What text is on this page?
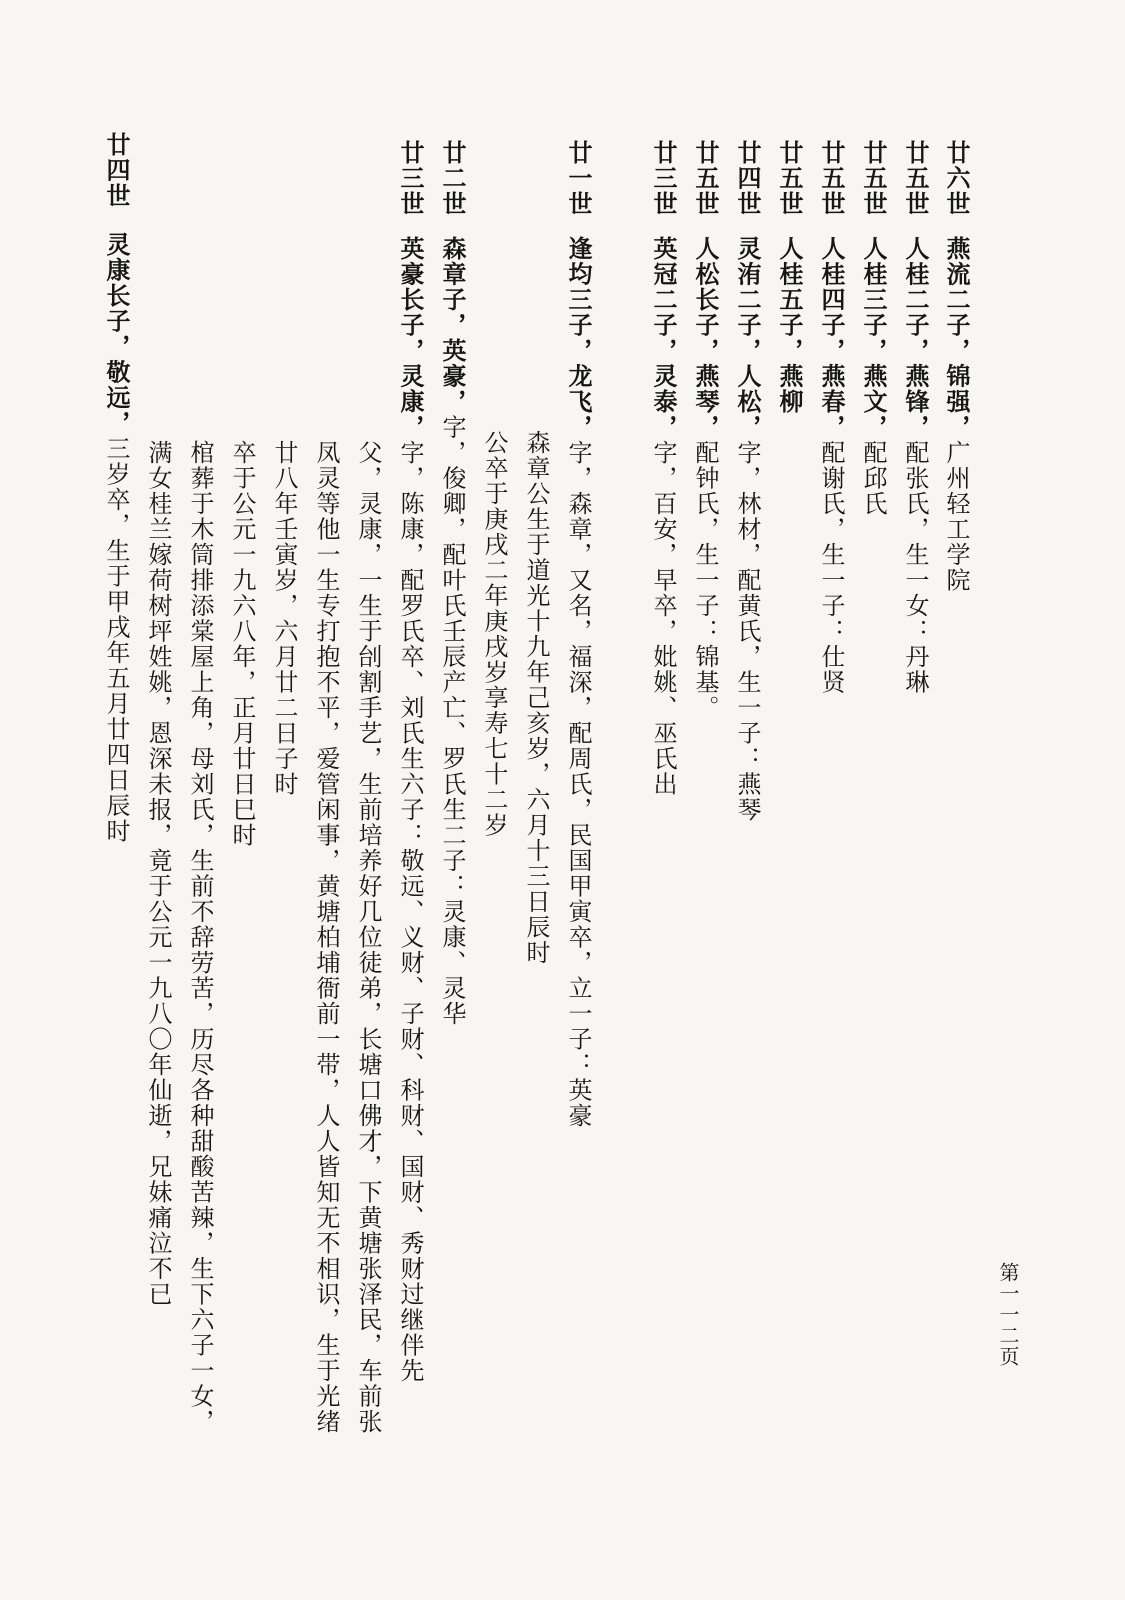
第一一二页
廿六世
燕流二子，锦强，广州轻工学院
廿五世
人桂二子，燕锋，配张氏，生一女：丹琳
廿五世
人桂三子，燕文，配邱氏
廿五世
人桂四子，燕春，配谢氏，生一子：仕贤
廿五世
人桂五子，燕柳
廿四世
灵洧二子，人松，字，林材，配黄氏，生一子：燕琴
廿五世
人松长子，燕琴，配钟氏，生一子：锦基。
廿三世
英冠二子，灵泰，字，百安，早卒，妣姚、巫氏出
廿一世
逢均三子，龙飞，字，森章，又名，福深，配周氏，民国甲寅卒，立一子：英豪
森章公生于道光十九年己亥岁，六月十三日辰时
公卒于庚戌二年庚戌岁享寿七十二岁
廿二世
森章子，英豪，字，俊卿，配叶氏壬辰产亡、罗氏生二子：灵康、灵华
廿三世
英豪长子，灵康，字，陈康，配罗氏卒、刘氏生六子：敬远、义财、子财、科财、国财、秀财过继伴先
父，灵康，一生于刣割手艺，生前培养好几位徒弟，长塘口佛才，下黄塘张泽民，车前张
凤灵等他一生专打抱不平，爱管闲事，黄塘柏埔衙前一带，人人皆知无不相识，生于光绪
廿八年壬寅岁，六月廿二日子时
卒于公元一九六八年，正月廿日巳时
棺葬于木筒排添棠屋上角，母刘氏，生前不辞劳苦，历尽各种甜酸苦辣，生下六子一女，
满女桂兰嫁荷树坪姓姚，恩深未报，竟于公元一九八〇年仙逝，兄妹痛泣不已
廿四世
灵康长子，敬远，三岁卒，生于甲戌年五月廿四日辰时
